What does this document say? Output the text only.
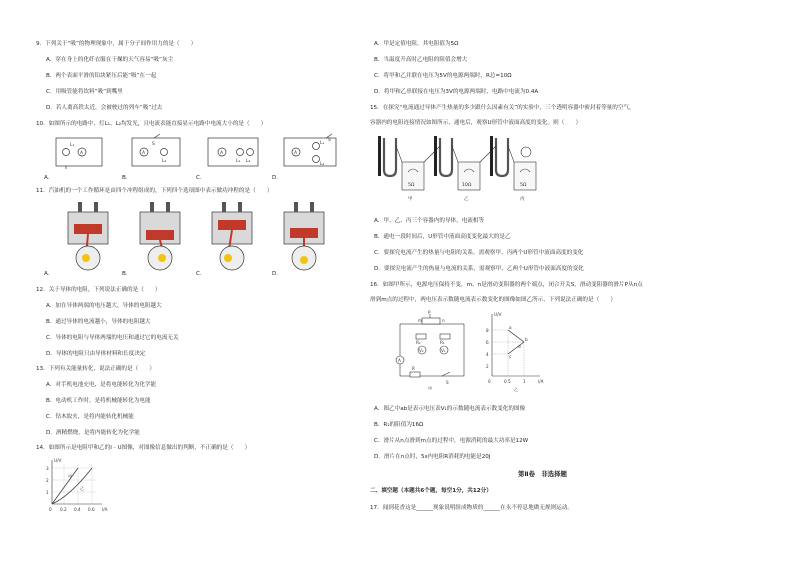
9．下列关于“吸”的物理现象中，属于分子间作用力的是（　　）
A．穿在身上的化纤衣服在干燥的天气容易“吸”灰尘
B．两个表面平滑的铅块紧压后能“吸”在一起
C．用吸管能将饮料“吸”到嘴里
D．若人离高铁太近，会被驶过的列车“吸”过去
10．如图所示的电路中，灯L₁、L₂均发光，且电流表能直接显示电路中电流大小的是（　　）
A	A	A	A
S
L₁
L₂	L₁ L₂
L₁
L₂
S
A．	B．	C．	D．
11．汽油机的一个工作循环是由四个冲程组成的，下列四个选项图中表示做功冲程的是（　　）
A．	B．	C．	D．
12．关于导体的电阻，下列说法正确的是（　　）
A．加在导体两端的电压越大，导体的电阻越大
B．通过导体的电流越小，导体的电阻越大
C．导体的电阻与导体两端的电压和通过它的电流无关
D．导体的电阻只由导体材料和长度决定
13．下列有关能量转化，说法正确的是（　　）
A．对手机电池充电，是将电能转化为化学能
B．电动机工作时，是将机械能转化为电能
C．钻木取火，是将内能转化机械能
D．酒精燃烧，是将内能转化为化学能
14．如图所示是电阻甲和乙的I﹣U图像，对图像信息做出的判断，不正确的是（　　）
U/V
I/A
3
2
1
0 0.2 0.4 0.6
甲
乙
A．甲是定值电阻，其电阻值为5Ω
B．当温度升高时乙电阻的阻值会增大
C．将甲和乙并联在电压为5V的电源两端时，R总=10Ω
D．将甲和乙串联接在电压为3V的电源两端时，电路中电流为0.4A
15．在探究“电流通过导体产生热量的多少跟什么因素有关”的实验中，三个透明容器中密封着等量的空气，
容器内的电阻连接情况如图所示，通电后，观察U形管中液面高度的变化。则（　　）
5Ω	10Ω	5Ω
甲	乙	丙
A．甲、乙、丙三个容器内的导体，电流相等
B．通电一段时间后，U形管中液面高度变化最大的是乙
C．要探究电流产生的热量与电阻的关系，需观察甲、丙两个U形管中液面高度的变化
D．要探究电流产生的热量与电流的关系，需观察甲、乙两个U形管中液面高度的变化
16．如图甲所示，电源电压保持不变，m、n是滑动变阻器的两个端点，闭合开关S，滑动变阻器的滑片P从n点
滑到m点的过程中，两电压表示数随电流表示数变化的图像如图乙所示，下列说法正确的是（　　）
P
m	n
R₂	R₁
V₂	V₁
A
R
S
甲
U/V
I/A
8
6
4
2
0	0.5	1
a
b
c
d
乙
A．图乙中ab是表示电压表V₁的示数随电流表示数变化的图像
B．R₂的阻值为16Ω
C．滑片从n点滑到m点的过程中，电源消耗的最大功率是12W
D．滑片在n点时，5s内电阻R消耗的电能是20J
第Ⅱ卷　非选择题
二、填空题（本题共6个题，每空1分，共12分）
17．闻到花香这是______现象说明组成物质的______在永不停息地做无规则运动。
